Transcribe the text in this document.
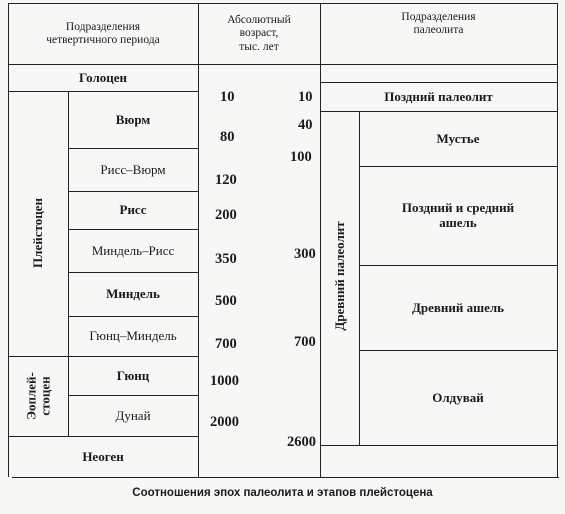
Подразделения
четвертичного периода
Абсолютный
возраст,
тыс. лет
Подразделения
палеолита
Голоцен
Плейстоцен
Эоплей-
стоцен
Вюрм
Рисс–Вюрм
Рисс
Миндель–Рисс
Миндель
Гюнц–Миндель
Гюнц
Дунай
Неоген
10
80
120
200
350
500
700
1000
2000
10
40
100
300
700
2600
Поздний палеолит
Древний палеолит
Мустье
Поздний и средний
ашель
Древний ашель
Олдувай
Соотношения эпох палеолита и этапов плейстоцена
